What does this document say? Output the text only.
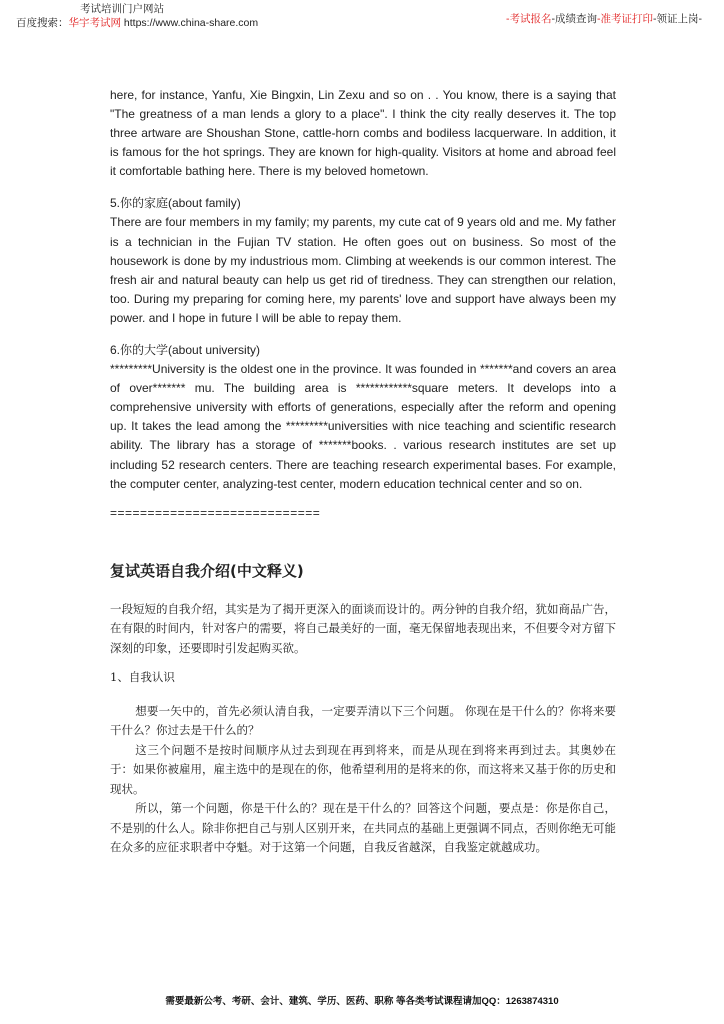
考试培训门户网站
百度搜索：华宇考试网 https://www.china-share.com	-考试报名-成绩查询-准考证打印-领证上岗-

here, for instance, Yanfu, Xie Bingxin, Lin Zexu and so on . . You know, there is a saying that "The greatness of a man lends a glory to a place". I think the city really deserves it. The top three artware are Shoushan Stone, cattle-horn combs and bodiless lacquerware. In addition, it is famous for the hot springs. They are known for high-quality. Visitors at home and abroad feel it comfortable bathing here. There is my beloved hometown.

5.你的家庭(about family)

There are four members in my family; my parents, my cute cat of 9 years old and me. My father is a technician in the Fujian TV station. He often goes out on business. So most of the housework is done by my industrious mom. Climbing at weekends is our common interest. The fresh air and natural beauty can help us get rid of tiredness. They can strengthen our relation, too. During my preparing for coming here, my parents' love and support have always been my power. and I hope in future I will be able to repay them.

6.你的大学(about university)

*********University is the oldest one in the province. It was founded in *******and covers an area of over******* mu. The building area is ************square meters. It develops into a comprehensive university with efforts of generations, especially after the reform and opening up. It takes the lead among the *********universities with nice teaching and scientific research ability. The library has a storage of *******books. . various research institutes are set up including 52 research centers. There are teaching research experimental bases. For example, the computer center, analyzing-test center, modern education technical center and so on.

============================

复试英语自我介绍(中文释义)

一段短短的自我介绍，其实是为了揭开更深入的面谈而设计的。两分钟的自我介绍，犹如商品广告，在有限的时间内，针对客户的需要，将自己最美好的一面，毫无保留地表现出来，不但要令对方留下深刻的印象，还要即时引发起购买欲。

1、自我认识

想要一矢中的，首先必须认清自我，一定要弄清以下三个问题。 你现在是干什么的？你将来要干什么？你过去是干什么的？

这三个问题不是按时间顺序从过去到现在再到将来，而是从现在到将来再到过去。其奥妙在于：如果你被雇用，雇主选中的是现在的你，他希望利用的是将来的你，而这将来又基于你的历史和现状。

所以，第一个问题，你是干什么的？现在是干什么的？回答这个问题，要点是：你是你自己，不是别的什么人。除非你把自己与别人区别开来，在共同点的基础上更强调不同点，否则你绝无可能在众多的应征求职者中夺魁。对于这第一个问题，自我反省越深，自我鉴定就越成功。

需要最新公考、考研、会计、建筑、学历、医药、职称 等各类考试课程请加QQ：1263874310
